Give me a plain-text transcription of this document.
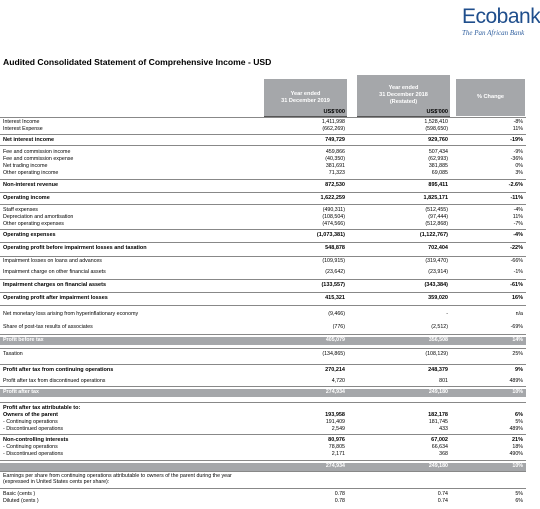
Ecobank
The Pan African Bank
Audited Consolidated Statement of Comprehensive Income - USD
Year ended
31 December 2019
Year ended
31 December 2018
(Restated)
% Change
US$'000	US$'000
Interest Income	1,411,998	1,528,410	-8%
Interest Expense	(662,269)	(598,650)	11%
Net interest income	749,729	929,760	-19%
Fee and commission income	459,866	507,434	-9%
Fee and commission expense	(40,350)	(62,993)	-36%
Net trading income	381,691	381,885	0%
Other operating income	71,323	69,085	3%
Non-interest revenue	872,530	895,411	-2.6%
Operating income	1,622,259	1,825,171	-11%
Staff expenses	(490,311)	(512,455)	-4%
Depreciation and amortisation	(108,504)	(97,444)	11%
Other operating expenses	(474,566)	(512,868)	-7%
Operating expenses	(1,073,381)	(1,122,767)	-4%
Operating profit before impairment losses and taxation	548,878	702,404	-22%
Impairment losses on loans and advances	(109,915)	(319,470)	-66%
Impairment charge on other financial assets	(23,642)	(23,914)	-1%
Impairment charges on financial assets	(133,557)	(343,384)	-61%
Operating profit after impairment losses	415,321	359,020	16%
Net monetary loss arising from hyperinflationary economy	(9,466)	-	n/a
Share of post-tax results of associates	(776)	(2,512)	-69%
Profit before tax	405,079	356,508	14%
Taxation	(134,865)	(108,129)	25%
Profit after tax from continuing operations	270,214	248,379	9%
Profit after tax from discontinued operations	4,720	801	489%
Profit after tax	274,934	249,180	10%
Profit after tax attributable to:
Owners of the parent	193,958	182,178	6%
- Continuing operations	191,409	181,745	5%
- Discontinued operations	2,549	433	489%
Non-controlling interests	80,976	67,002	21%
- Continuing operations	78,805	66,634	18%
- Discontinued operations	2,171	368	490%
274,934	249,180	10%
Earnings per share from continuing operations attributable to owners of the parent during the year
(expressed in United States cents per share):
Basic (cents )	0.78	0.74	5%
Diluted (cents )	0.78	0.74	6%
